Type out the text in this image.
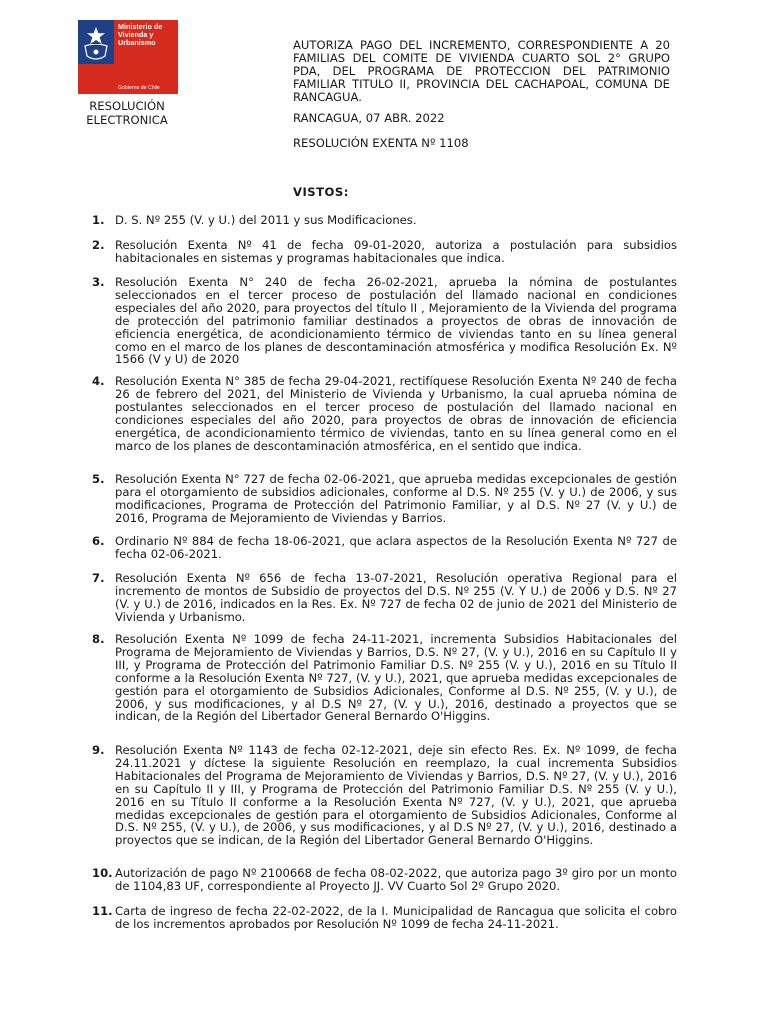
Ministerio de
Vivienda y
Urbanismo
Gobierno de Chile
RESOLUCIÓN
ELECTRONICA
AUTORIZA PAGO DEL INCREMENTO, CORRESPONDIENTE A 20 FAMILIAS DEL COMITE DE VIVIENDA CUARTO SOL 2° GRUPO PDA, DEL PROGRAMA DE PROTECCION DEL PATRIMONIO FAMILIAR TITULO II, PROVINCIA DEL CACHAPOAL, COMUNA DE RANCAGUA.
RANCAGUA, 07 ABR. 2022
RESOLUCIÓN EXENTA Nº 1108
VISTOS:
1. D. S. Nº 255 (V. y U.) del 2011 y sus Modificaciones.
2. Resolución Exenta Nº 41 de fecha 09-01-2020, autoriza a postulación para subsidios habitacionales en sistemas y programas habitacionales que indica.
3. Resolución Exenta N° 240 de fecha 26-02-2021, aprueba la nómina de postulantes seleccionados en el tercer proceso de postulación del llamado nacional en condiciones especiales del año 2020, para proyectos del título II , Mejoramiento de la Vivienda del programa de protección del patrimonio familiar destinados a proyectos de obras de innovación de eficiencia energética, de acondicionamiento térmico de viviendas tanto en su línea general como en el marco de los planes de descontaminación atmosférica y modifica Resolución Ex. Nº 1566 (V y U) de 2020
4. Resolución Exenta N° 385 de fecha 29-04-2021, rectifíquese Resolución Exenta Nº 240 de fecha 26 de febrero del 2021, del Ministerio de Vivienda y Urbanismo, la cual aprueba nómina de postulantes seleccionados en el tercer proceso de postulación del llamado nacional en condiciones especiales del año 2020, para proyectos de obras de innovación de eficiencia energética, de acondicionamiento térmico de viviendas, tanto en su línea general como en el marco de los planes de descontaminación atmosférica, en el sentido que indica.
5. Resolución Exenta N° 727 de fecha 02-06-2021, que aprueba medidas excepcionales de gestión para el otorgamiento de subsidios adicionales, conforme al D.S. Nº 255 (V. y U.) de 2006, y sus modificaciones, Programa de Protección del Patrimonio Familiar, y al D.S. Nº 27 (V. y U.) de 2016, Programa de Mejoramiento de Viviendas y Barrios.
6. Ordinario Nº 884 de fecha 18-06-2021, que aclara aspectos de la Resolución Exenta Nº 727 de fecha 02-06-2021.
7. Resolución Exenta Nº 656 de fecha 13-07-2021, Resolución operativa Regional para el incremento de montos de Subsidio de proyectos del D.S. Nº 255 (V. Y U.) de 2006 y D.S. Nº 27 (V. y U.) de 2016, indicados en la Res. Ex. Nº 727 de fecha 02 de junio de 2021 del Ministerio de Vivienda y Urbanismo.
8. Resolución Exenta Nº 1099 de fecha 24-11-2021, incrementa Subsidios Habitacionales del Programa de Mejoramiento de Viviendas y Barrios, D.S. Nº 27, (V. y U.), 2016 en su Capítulo II y III, y Programa de Protección del Patrimonio Familiar D.S. Nº 255 (V. y U.), 2016 en su Título II conforme a la Resolución Exenta Nº 727, (V. y U.), 2021, que aprueba medidas excepcionales de gestión para el otorgamiento de Subsidios Adicionales, Conforme al D.S. Nº 255, (V. y U.), de 2006, y sus modificaciones, y al D.S Nº 27, (V. y U.), 2016, destinado a proyectos que se indican, de la Región del Libertador General Bernardo O'Higgins.
9. Resolución Exenta Nº 1143 de fecha 02-12-2021, deje sin efecto Res. Ex. Nº 1099, de fecha 24.11.2021 y díctese la siguiente Resolución en reemplazo, la cual incrementa Subsidios Habitacionales del Programa de Mejoramiento de Viviendas y Barrios, D.S. Nº 27, (V. y U.), 2016 en su Capítulo II y III, y Programa de Protección del Patrimonio Familiar D.S. Nº 255 (V. y U.), 2016 en su Título II conforme a la Resolución Exenta Nº 727, (V. y U.), 2021, que aprueba medidas excepcionales de gestión para el otorgamiento de Subsidios Adicionales, Conforme al D.S. Nº 255, (V. y U.), de 2006, y sus modificaciones, y al D.S Nº 27, (V. y U.), 2016, destinado a proyectos que se indican, de la Región del Libertador General Bernardo O'Higgins.
10. Autorización de pago Nº 2100668 de fecha 08-02-2022, que autoriza pago 3º giro por un monto de 1104,83 UF, correspondiente al Proyecto JJ. VV Cuarto Sol 2º Grupo 2020.
11. Carta de ingreso de fecha 22-02-2022, de la I. Municipalidad de Rancagua que solicita el cobro de los incrementos aprobados por Resolución Nº 1099 de fecha 24-11-2021.
